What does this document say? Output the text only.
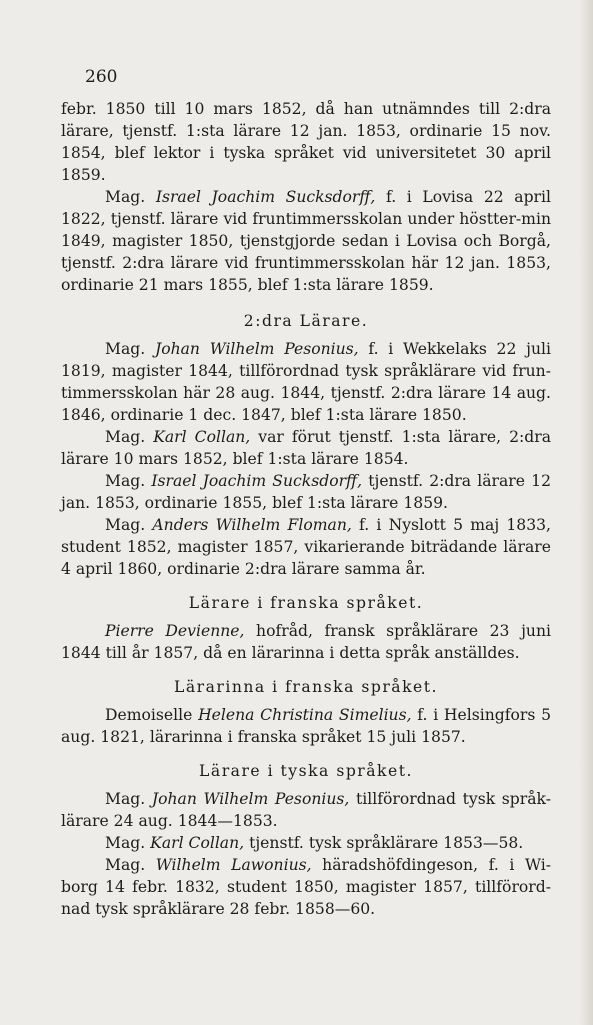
260

febr. 1850 till 10 mars 1852, då han utnämndes till 2:dra lärare, tjenstf. 1:sta lärare 12 jan. 1853, ordinarie 15 nov. 1854, blef lektor i tyska språket vid universitetet 30 april 1859.

Mag. Israel Joachim Sucksdorff, f. i Lovisa 22 april 1822, tjenstf. lärare vid fruntimmersskolan under höstter-min 1849, magister 1850, tjenstgjorde sedan i Lovisa och Borgå, tjenstf. 2:dra lärare vid fruntimmersskolan här 12 jan. 1853, ordinarie 21 mars 1855, blef 1:sta lärare 1859.

2:dra Lärare.

Mag. Johan Wilhelm Pesonius, f. i Wekkelaks 22 juli 1819, magister 1844, tillförordnad tysk språklärare vid frun-timmersskolan här 28 aug. 1844, tjenstf. 2:dra lärare 14 aug. 1846, ordinarie 1 dec. 1847, blef 1:sta lärare 1850.

Mag. Karl Collan, var förut tjenstf. 1:sta lärare, 2:dra lärare 10 mars 1852, blef 1:sta lärare 1854.

Mag. Israel Joachim Sucksdorff, tjenstf. 2:dra lärare 12 jan. 1853, ordinarie 1855, blef 1:sta lärare 1859.

Mag. Anders Wilhelm Floman, f. i Nyslott 5 maj 1833, student 1852, magister 1857, vikarierande biträdande lärare 4 april 1860, ordinarie 2:dra lärare samma år.

Lärare i franska språket.

Pierre Devienne, hofråd, fransk språklärare 23 juni 1844 till år 1857, då en lärarinna i detta språk anställdes.

Lärarinna i franska språket.

Demoiselle Helena Christina Simelius, f. i Helsingfors 5 aug. 1821, lärarinna i franska språket 15 juli 1857.

Lärare i tyska språket.

Mag. Johan Wilhelm Pesonius, tillförordnad tysk språk-lärare 24 aug. 1844—1853.

Mag. Karl Collan, tjenstf. tysk språklärare 1853—58.

Mag. Wilhelm Lawonius, häradshöfdingeson, f. i Wi-borg 14 febr. 1832, student 1850, magister 1857, tillförord-nad tysk språklärare 28 febr. 1858—60.
